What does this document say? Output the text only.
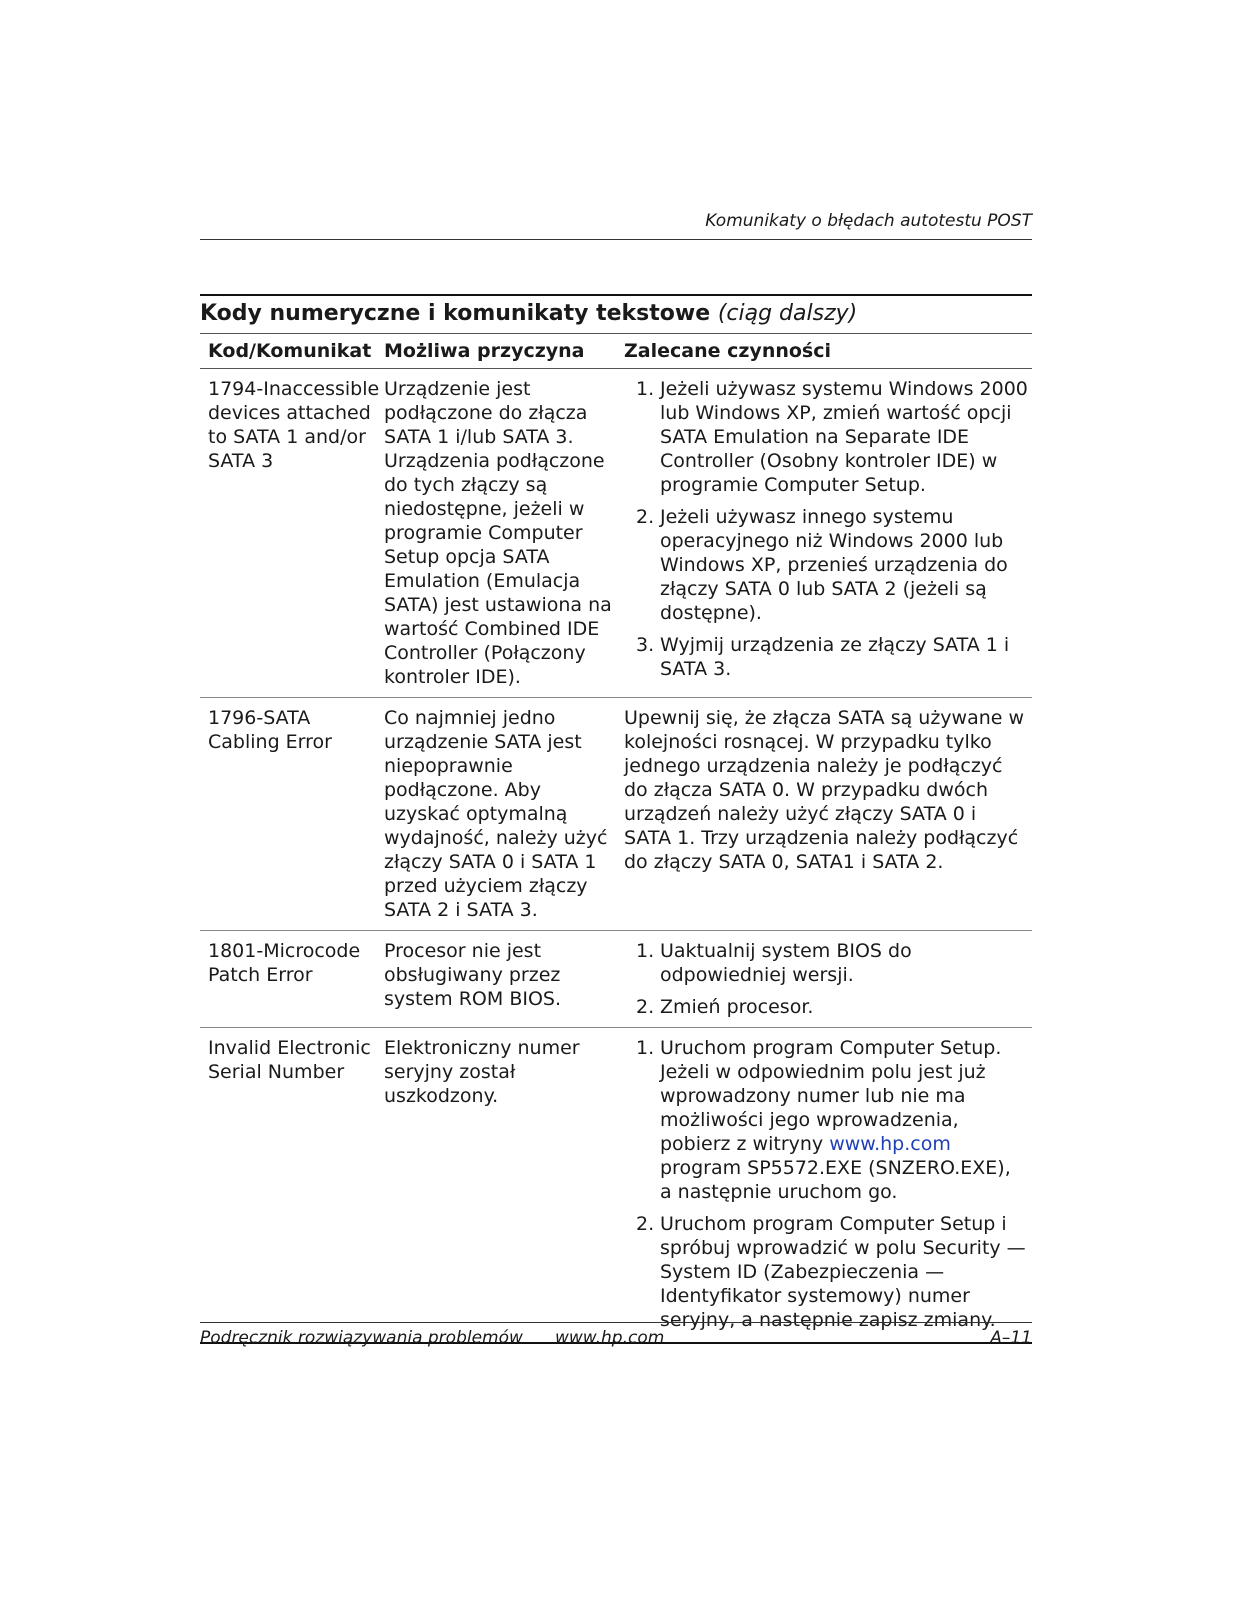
Komunikaty o błędach autotestu POST
Kody numeryczne i komunikaty tekstowe (ciąg dalszy)
Kod/Komunikat Możliwa przyczyna	Zalecane czynności
1794-Inaccessible devices attached to SATA 1 and/or SATA 3
Urządzenie jest podłączone do złącza SATA 1 i/lub SATA 3. Urządzenia podłączone do tych złączy są niedostępne, jeżeli w programie Computer Setup opcja SATA Emulation (Emulacja SATA) jest ustawiona na wartość Combined IDE Controller (Połączony kontroler IDE).
1. Jeżeli używasz systemu Windows 2000 lub Windows XP, zmień wartość opcji SATA Emulation na Separate IDE Controller (Osobny kontroler IDE) w programie Computer Setup.
2. Jeżeli używasz innego systemu operacyjnego niż Windows 2000 lub Windows XP, przenieś urządzenia do złączy SATA 0 lub SATA 2 (jeżeli są dostępne).
3. Wyjmij urządzenia ze złączy SATA 1 i SATA 3.
1796-SATA Cabling Error
Co najmniej jedno urządzenie SATA jest niepoprawnie podłączone. Aby uzyskać optymalną wydajność, należy użyć złączy SATA 0 i SATA 1 przed użyciem złączy SATA 2 i SATA 3.
Upewnij się, że złącza SATA są używane w kolejności rosnącej. W przypadku tylko jednego urządzenia należy je podłączyć do złącza SATA 0. W przypadku dwóch urządzeń należy użyć złączy SATA 0 i SATA 1. Trzy urządzenia należy podłączyć do złączy SATA 0, SATA1 i SATA 2.
1801-Microcode Patch Error
Procesor nie jest obsługiwany przez system ROM BIOS.
1. Uaktualnij system BIOS do odpowiedniej wersji.
2. Zmień procesor.
Invalid Electronic Serial Number
Elektroniczny numer seryjny został uszkodzony.
1. Uruchom program Computer Setup. Jeżeli w odpowiednim polu jest już wprowadzony numer lub nie ma możliwości jego wprowadzenia, pobierz z witryny www.hp.com program SP5572.EXE (SNZERO.EXE), a następnie uruchom go.
2. Uruchom program Computer Setup i spróbuj wprowadzić w polu Security — System ID (Zabezpieczenia — Identyfikator systemowy) numer seryjny, a następnie zapisz zmiany.
Podręcznik rozwiązywania problemów www.hp.com	A–11
